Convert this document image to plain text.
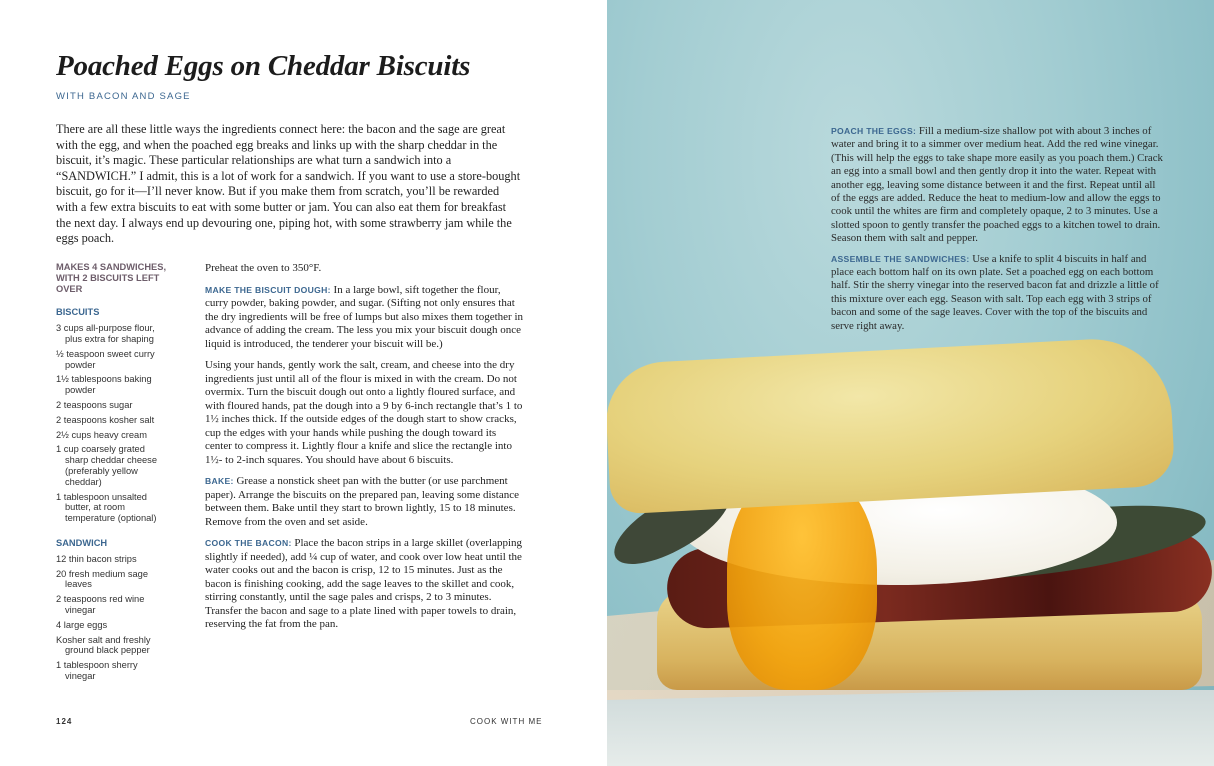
Poached Eggs on Cheddar Biscuits
WITH BACON AND SAGE

There are all these little ways the ingredients connect here: the bacon and the sage are great with the egg, and when the poached egg breaks and links up with the sharp cheddar in the biscuit, it’s magic. These particular relationships are what turn a sandwich into a “SANDWICH.” I admit, this is a lot of work for a sandwich. If you want to use a store-bought biscuit, go for it—I’ll never know. But if you make them from scratch, you’ll be rewarded with a few extra biscuits to eat with some butter or jam. You can also eat them for breakfast the next day. I always end up devouring one, piping hot, with some strawberry jam while the eggs poach.

MAKES 4 SANDWICHES, WITH 2 BISCUITS LEFT OVER
BISCUITS
3 cups all-purpose flour, plus extra for shaping
½ teaspoon sweet curry powder
1½ tablespoons baking powder
2 teaspoons sugar
2 teaspoons kosher salt
2½ cups heavy cream
1 cup coarsely grated sharp cheddar cheese (preferably yellow cheddar)
1 tablespoon unsalted butter, at room temperature (optional)
SANDWICH
12 thin bacon strips
20 fresh medium sage leaves
2 teaspoons red wine vinegar
4 large eggs
Kosher salt and freshly ground black pepper
1 tablespoon sherry vinegar

Preheat the oven to 350°F.

MAKE THE BISCUIT DOUGH: In a large bowl, sift together the flour, curry powder, baking powder, and sugar. (Sifting not only ensures that the dry ingredients will be free of lumps but also mixes them together in advance of adding the cream. The less you mix your biscuit dough once liquid is introduced, the tenderer your biscuit will be.)

Using your hands, gently work the salt, cream, and cheese into the dry ingredients just until all of the flour is mixed in with the cream. Do not overmix. Turn the biscuit dough out onto a lightly floured surface, and with floured hands, pat the dough into a 9 by 6-inch rectangle that’s 1 to 1½ inches thick. If the outside edges of the dough start to show cracks, cup the edges with your hands while pushing the dough toward its center to compress it. Lightly flour a knife and slice the rectangle into 1½- to 2-inch squares. You should have about 6 biscuits.

BAKE: Grease a nonstick sheet pan with the butter (or use parchment paper). Arrange the biscuits on the prepared pan, leaving some distance between them. Bake until they start to brown lightly, 15 to 18 minutes. Remove from the oven and set aside.

COOK THE BACON: Place the bacon strips in a large skillet (overlapping slightly if needed), add ¼ cup of water, and cook over low heat until the water cooks out and the bacon is crisp, 12 to 15 minutes. Just as the bacon is finishing cooking, add the sage leaves to the skillet and cook, stirring constantly, until the sage pales and crisps, 2 to 3 minutes. Transfer the bacon and sage to a plate lined with paper towels to drain, reserving the fat from the pan.

124	COOK WITH ME

POACH THE EGGS: Fill a medium-size shallow pot with about 3 inches of water and bring it to a simmer over medium heat. Add the red wine vinegar. (This will help the eggs to take shape more easily as you poach them.) Crack an egg into a small bowl and then gently drop it into the water. Repeat with another egg, leaving some distance between it and the first. Repeat until all of the eggs are added. Reduce the heat to medium-low and allow the eggs to cook until the whites are firm and completely opaque, 2 to 3 minutes. Use a slotted spoon to gently transfer the poached eggs to a kitchen towel to drain. Season them with salt and pepper.

ASSEMBLE THE SANDWICHES: Use a knife to split 4 biscuits in half and place each bottom half on its own plate. Set a poached egg on each bottom half. Stir the sherry vinegar into the reserved bacon fat and drizzle a little of this mixture over each egg. Season with salt. Top each egg with 3 strips of bacon and some of the sage leaves. Cover with the top of the biscuits and serve right away.
